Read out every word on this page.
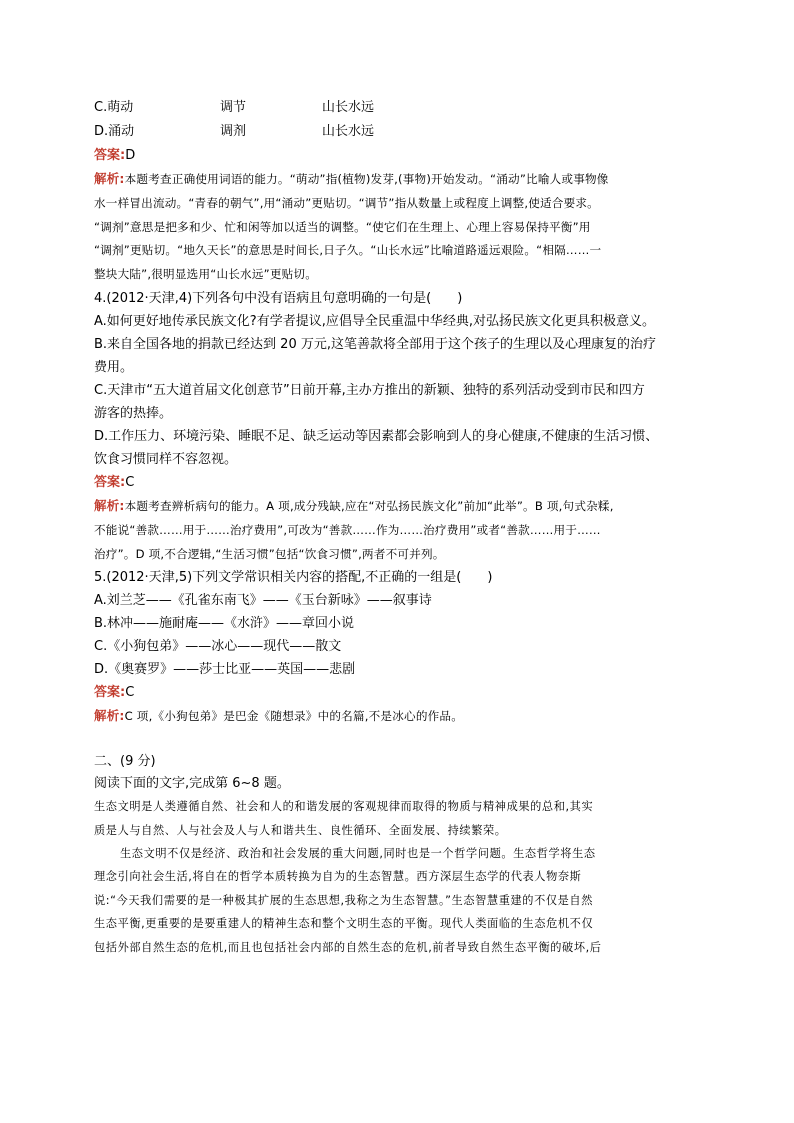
C.萌动	调节	山长水远
D.涌动	调剂	山长水远
答案:D
解析:本题考查正确使用词语的能力。“萌动”指(植物)发芽,(事物)开始发动。“涌动”比喻人或事物像
水一样冒出流动。“青春的朝气”,用“涌动”更贴切。“调节”指从数量上或程度上调整,使适合要求。
“调剂”意思是把多和少、忙和闲等加以适当的调整。“使它们在生理上、心理上容易保持平衡”用
“调剂”更贴切。“地久天长”的意思是时间长,日子久。“山长水远”比喻道路遥远艰险。“相隔……一
整块大陆”,很明显选用“山长水远”更贴切。
4.(2012·天津,4)下列各句中没有语病且句意明确的一句是(　　)
A.如何更好地传承民族文化?有学者提议,应倡导全民重温中华经典,对弘扬民族文化更具积极意义。
B.来自全国各地的捐款已经达到 20 万元,这笔善款将全部用于这个孩子的生理以及心理康复的治疗
费用。
C.天津市“五大道首届文化创意节”日前开幕,主办方推出的新颖、独特的系列活动受到市民和四方
游客的热捧。
D.工作压力、环境污染、睡眠不足、缺乏运动等因素都会影响到人的身心健康,不健康的生活习惯、
饮食习惯同样不容忽视。
答案:C
解析:本题考查辨析病句的能力。A 项,成分残缺,应在“对弘扬民族文化”前加“此举”。B 项,句式杂糅,
不能说“善款……用于……治疗费用”,可改为“善款……作为……治疗费用”或者“善款……用于……
治疗”。D 项,不合逻辑,“生活习惯”包括“饮食习惯”,两者不可并列。
5.(2012·天津,5)下列文学常识相关内容的搭配,不正确的一组是(　　)
A.刘兰芝——《孔雀东南飞》——《玉台新咏》——叙事诗
B.林冲——施耐庵——《水浒》——章回小说
C.《小狗包弟》——冰心——现代——散文
D.《奥赛罗》——莎士比亚——英国——悲剧
答案:C
解析:C 项,《小狗包弟》是巴金《随想录》中的名篇,不是冰心的作品。
二、(9 分)
阅读下面的文字,完成第 6~8 题。
生态文明是人类遵循自然、社会和人的和谐发展的客观规律而取得的物质与精神成果的总和,其实
质是人与自然、人与社会及人与人和谐共生、良性循环、全面发展、持续繁荣。
生态文明不仅是经济、政治和社会发展的重大问题,同时也是一个哲学问题。生态哲学将生态
理念引向社会生活,将自在的哲学本质转换为自为的生态智慧。西方深层生态学的代表人物奈斯
说:“今天我们需要的是一种极其扩展的生态思想,我称之为生态智慧。”生态智慧重建的不仅是自然
生态平衡,更重要的是要重建人的精神生态和整个文明生态的平衡。现代人类面临的生态危机不仅
包括外部自然生态的危机,而且也包括社会内部的自然生态的危机,前者导致自然生态平衡的破坏,后
